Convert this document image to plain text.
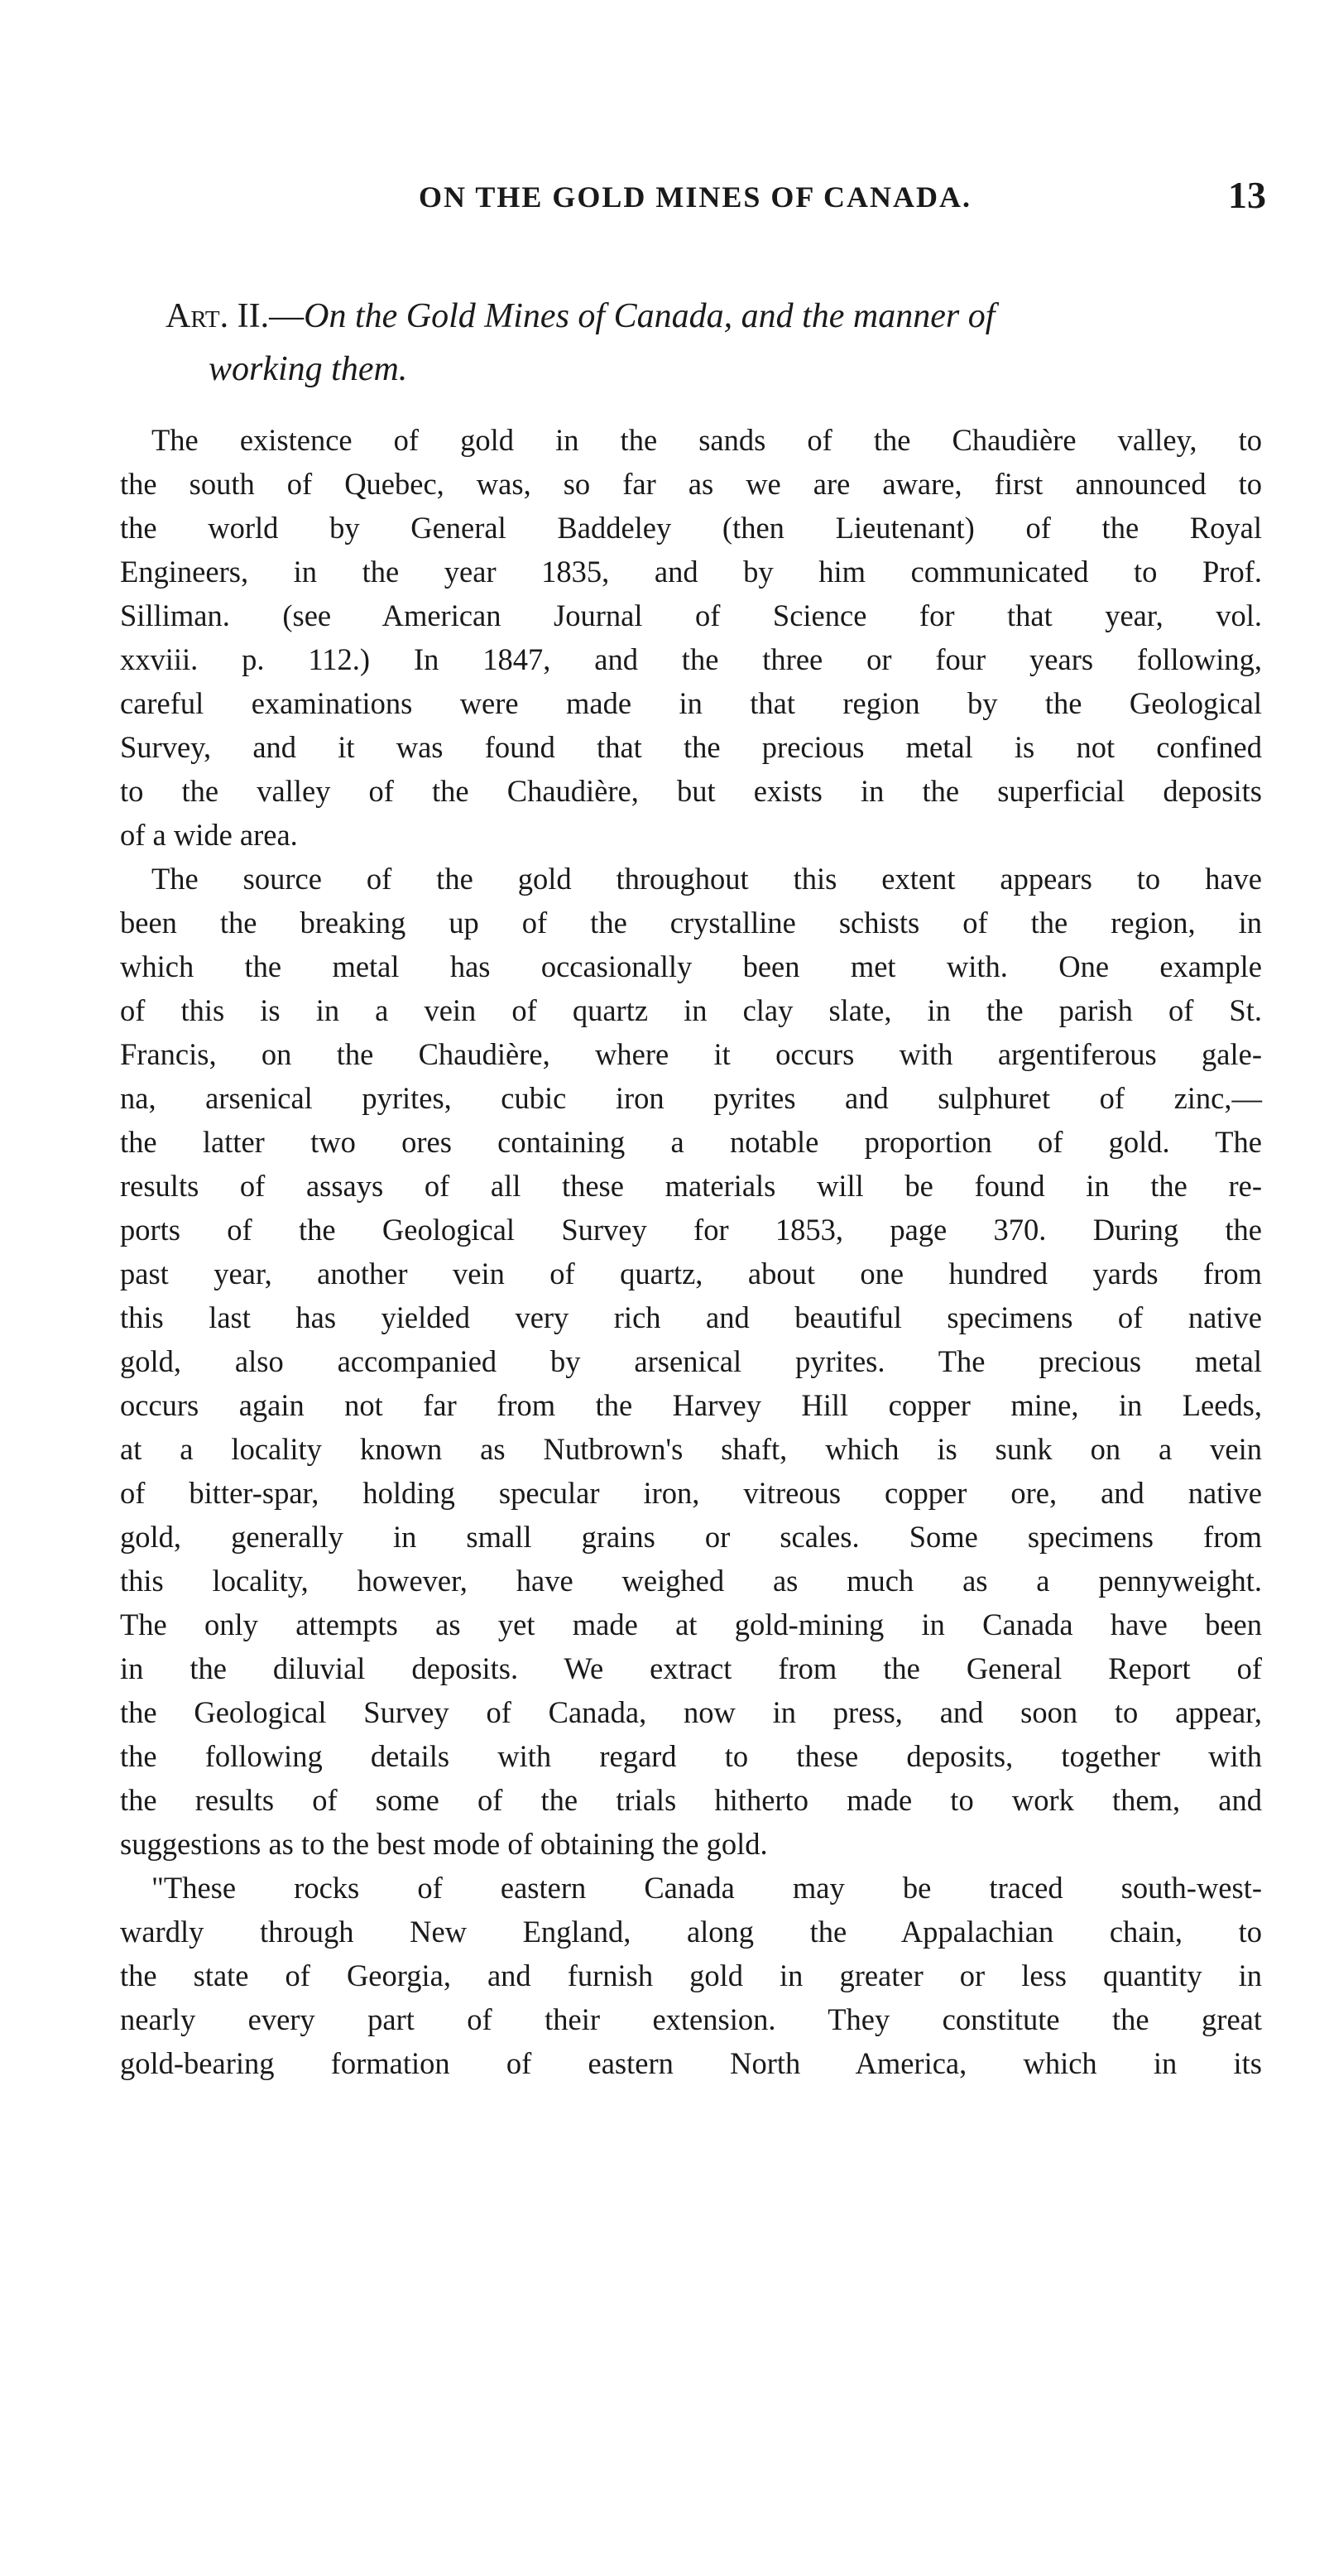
ON THE GOLD MINES OF CANADA.	13
Art. II.—On the Gold Mines of Canada, and the manner of
working them.
The existence of gold in the sands of the Chaudière valley, to
the south of Quebec, was, so far as we are aware, first announced to
the world by General Baddeley (then Lieutenant) of the Royal
Engineers, in the year 1835, and by him communicated to Prof.
Silliman. (see American Journal of Science for that year, vol.
xxviii. p. 112.) In 1847, and the three or four years following,
careful examinations were made in that region by the Geological
Survey, and it was found that the precious metal is not confined
to the valley of the Chaudière, but exists in the superficial deposits
of a wide area.
The source of the gold throughout this extent appears to have
been the breaking up of the crystalline schists of the region, in
which the metal has occasionally been met with. One example
of this is in a vein of quartz in clay slate, in the parish of St.
Francis, on the Chaudière, where it occurs with argentiferous gale-
na, arsenical pyrites, cubic iron pyrites and sulphuret of zinc,—
the latter two ores containing a notable proportion of gold. The
results of assays of all these materials will be found in the re-
ports of the Geological Survey for 1853, page 370. During the
past year, another vein of quartz, about one hundred yards from
this last has yielded very rich and beautiful specimens of native
gold, also accompanied by arsenical pyrites. The precious metal
occurs again not far from the Harvey Hill copper mine, in Leeds,
at a locality known as Nutbrown's shaft, which is sunk on a vein
of bitter-spar, holding specular iron, vitreous copper ore, and native
gold, generally in small grains or scales. Some specimens from
this locality, however, have weighed as much as a pennyweight.
The only attempts as yet made at gold-mining in Canada have been
in the diluvial deposits. We extract from the General Report of
the Geological Survey of Canada, now in press, and soon to appear,
the following details with regard to these deposits, together with
the results of some of the trials hitherto made to work them, and
suggestions as to the best mode of obtaining the gold.
"These rocks of eastern Canada may be traced south-west-
wardly through New England, along the Appalachian chain, to
the state of Georgia, and furnish gold in greater or less quantity in
nearly every part of their extension. They constitute the great
gold-bearing formation of eastern North America, which in its
